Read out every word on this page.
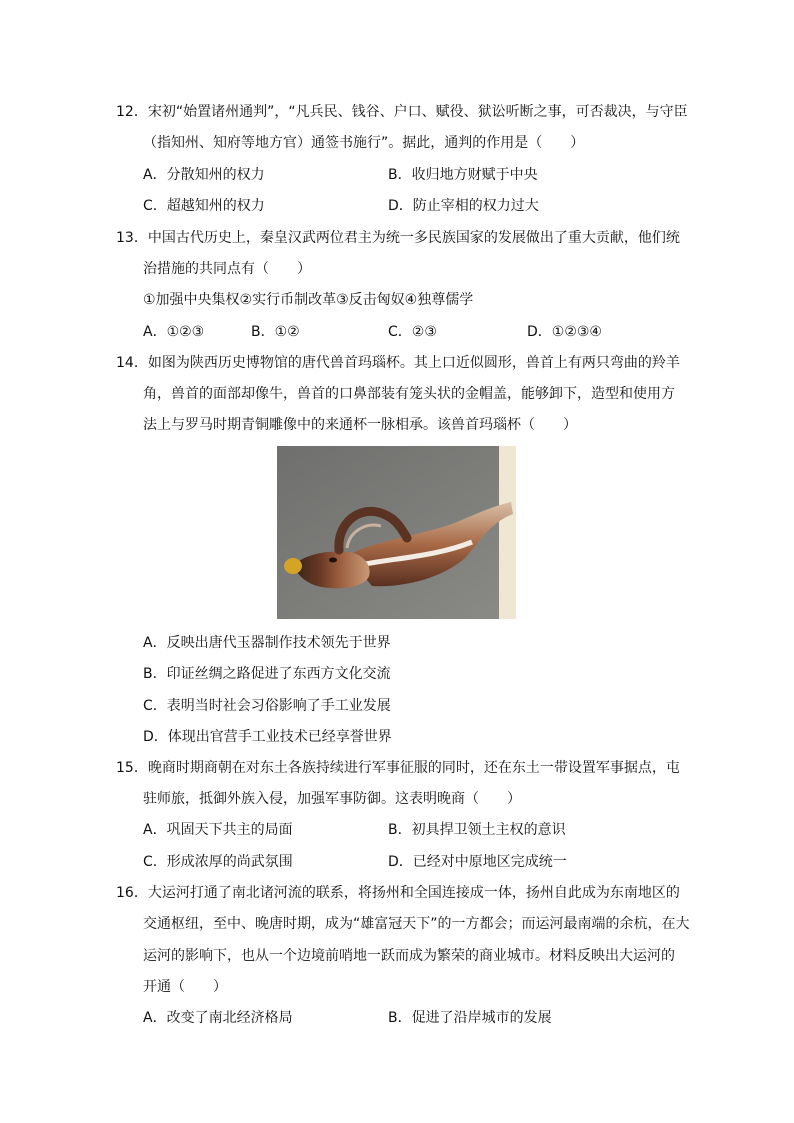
12．宋初“始置诸州通判”，“凡兵民、钱谷、户口、赋役、狱讼听断之事，可否裁决，与守臣
（指知州、知府等地方官）通签书施行”。据此，通判的作用是（　　）
A．分散知州的权力	B．收归地方财赋于中央
C．超越知州的权力	D．防止宰相的权力过大
13．中国古代历史上，秦皇汉武两位君主为统一多民族国家的发展做出了重大贡献，他们统
治措施的共同点有（　　）
①加强中央集权②实行币制改革③反击匈奴④独尊儒学
A．①②③	B．①②	C．②③	D．①②③④
14．如图为陕西历史博物馆的唐代兽首玛瑙杯。其上口近似圆形，兽首上有两只弯曲的羚羊
角，兽首的面部却像牛，兽首的口鼻部装有笼头状的金帽盖，能够卸下，造型和使用方
法上与罗马时期青铜雕像中的来通杯一脉相承。该兽首玛瑙杯（　　）
A．反映出唐代玉器制作技术领先于世界
B．印证丝绸之路促进了东西方文化交流
C．表明当时社会习俗影响了手工业发展
D．体现出官营手工业技术已经享誉世界
15．晚商时期商朝在对东土各族持续进行军事征服的同时，还在东土一带设置军事据点，屯
驻师旅，抵御外族入侵，加强军事防御。这表明晚商（　　）
A．巩固天下共主的局面	B．初具捍卫领土主权的意识
C．形成浓厚的尚武氛围	D．已经对中原地区完成统一
16．大运河打通了南北诸河流的联系，将扬州和全国连接成一体，扬州自此成为东南地区的
交通枢纽，至中、晚唐时期，成为“雄富冠天下”的一方都会；而运河最南端的余杭，在大
运河的影响下，也从一个边境前哨地一跃而成为繁荣的商业城市。材料反映出大运河的
开通（　　）
A．改变了南北经济格局	B．促进了沿岸城市的发展
